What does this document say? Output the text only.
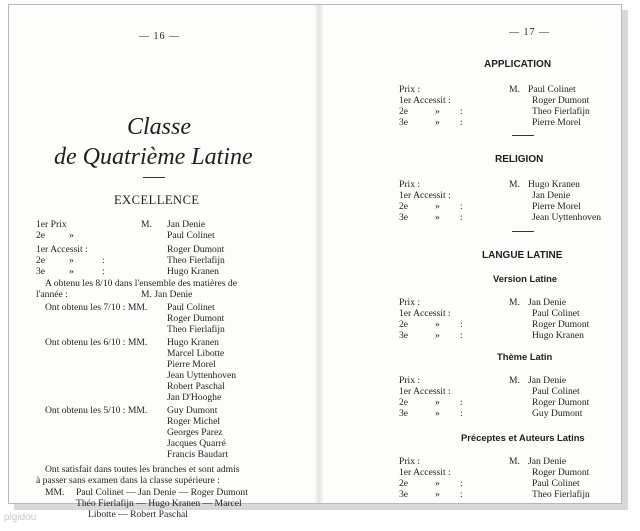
— 16 —
Classe
de Quatrième Latine
EXCELLENCE
1er Prix	M. Jan Denie
2e »	Paul Colinet
1er Accessit :	Roger Dumont
2e »	:	Theo Fierlafijn
3e »	:	Hugo Kranen
A obtenu les 8/10 dans l'ensemble des matières de
l'année :	M. Jan Denie
Ont obtenu les 7/10 : MM. Paul Colinet
Roger Dumont
Theo Fierlafijn
Ont obtenu les 6/10 : MM. Hugo Kranen
Marcel Libotte
Pierre Morel
Jean Uyttenhoven
Robert Paschal
Jan D'Hooghe
Ont obtenu les 5/10 : MM. Guy Dumont
Roger Michel
Georges Parez
Jacques Quarré
Francis Baudart
Ont satisfait dans toutes les branches et sont admis
à passer sans examen dans la classe supérieure :
MM. Paul Colinet — Jan Denie — Roger Dumont
Théo Fierlafijn — Hugo Kranen — Marcel
— 17 —
APPLICATION
Prix :	M. Paul Colinet
1er Accessit :	Roger Dumont
2e	» :	Theo Fierlafijn
3e	» :	Pierre Morel
RELIGION
Prix :	M. Hugo Kranen
1er Accessit :	Jan Denie
2e	» :	Pierre Morel
3e	» :	Jean Uyttenhoven
LANGUE LATINE
Version Latine
Prix :	M. Jan Denie
1er Accessit :	Paul Colinet
2e	» :	Roger Dumont
3e	» :	Hugo Kranen
Thème Latin
Prix :	M. Jan Denie
1er Accessit :	Paul Colinet
2e	» :	Roger Dumont
3e	» :	Guy Dumont
Préceptes et Auteurs Latins
Prix :	M. Jan Denie
1er Accessit :	Roger Dumont
2e	» :	Paul Colinet
3e	» :	Theo Fierlafijn
Libotte — Robert Paschal
pigidou
